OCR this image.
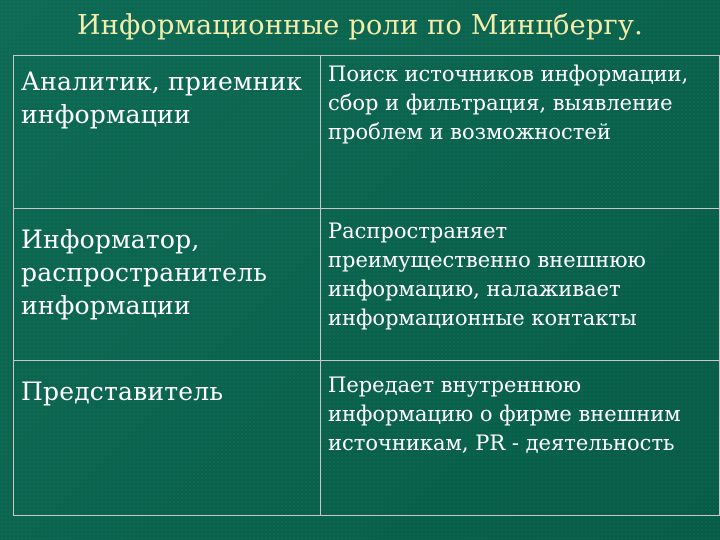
Информационные роли по Минцбергу.
Аналитик, приемник информации	Поиск источников информации, сбор и фильтрация, выявление проблем и возможностей

Информатор, распространитель информации	Распространяет преимущественно внешнюю информацию, налаживает информационные контакты

Представитель	Передает внутреннюю информацию о фирме внешним источникам, PR - деятельность
